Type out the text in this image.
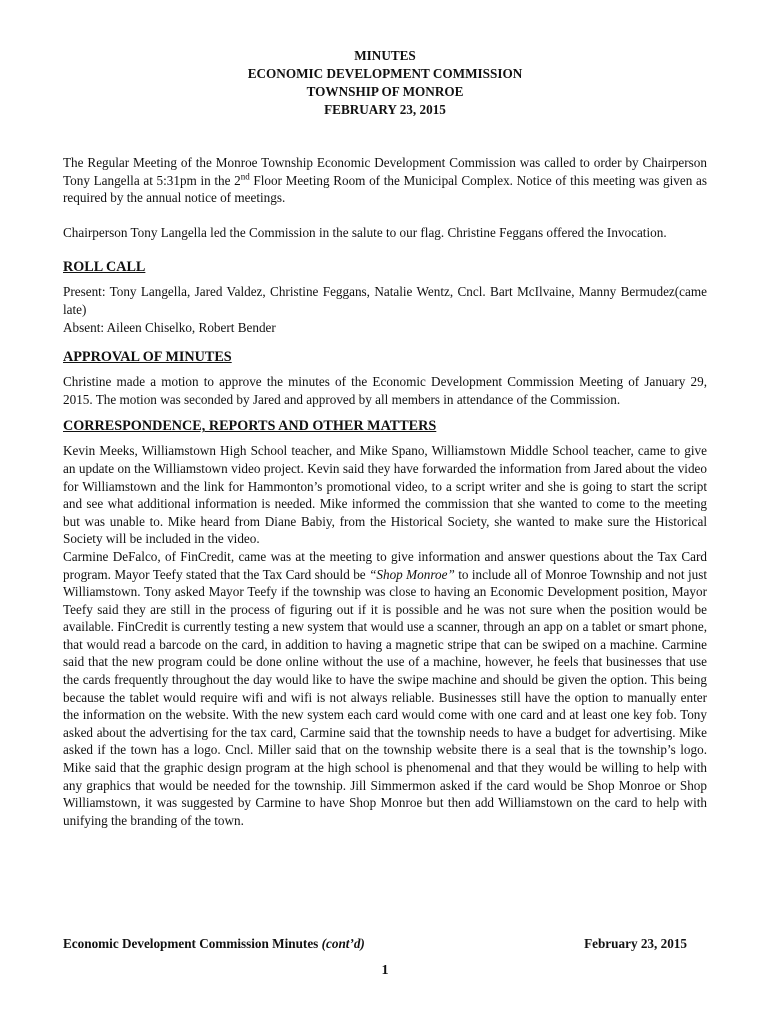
MINUTES
ECONOMIC DEVELOPMENT COMMISSION
TOWNSHIP OF MONROE
FEBRUARY 23, 2015

The Regular Meeting of the Monroe Township Economic Development Commission was called to order by Chairperson Tony Langella at 5:31pm in the 2nd Floor Meeting Room of the Municipal Complex. Notice of this meeting was given as required by the annual notice of meetings.

Chairperson Tony Langella led the Commission in the salute to our flag. Christine Feggans offered the Invocation.

ROLL CALL

Present: Tony Langella, Jared Valdez, Christine Feggans, Natalie Wentz, Cncl. Bart McIlvaine, Manny Bermudez(came late)

Absent: Aileen Chiselko, Robert Bender

APPROVAL OF MINUTES

Christine made a motion to approve the minutes of the Economic Development Commission Meeting of January 29, 2015. The motion was seconded by Jared and approved by all members in attendance of the Commission.

CORRESPONDENCE, REPORTS AND OTHER MATTERS

Kevin Meeks, Williamstown High School teacher, and Mike Spano, Williamstown Middle School teacher, came to give an update on the Williamstown video project. Kevin said they have forwarded the information from Jared about the video for Williamstown and the link for Hammonton’s promotional video, to a script writer and she is going to start the script and see what additional information is needed. Mike informed the commission that she wanted to come to the meeting but was unable to. Mike heard from Diane Babiy, from the Historical Society, she wanted to make sure the Historical Society will be included in the video.

Carmine DeFalco, of FinCredit, came was at the meeting to give information and answer questions about the Tax Card program. Mayor Teefy stated that the Tax Card should be “Shop Monroe” to include all of Monroe Township and not just Williamstown. Tony asked Mayor Teefy if the township was close to having an Economic Development position, Mayor Teefy said they are still in the process of figuring out if it is possible and he was not sure when the position would be available. FinCredit is currently testing a new system that would use a scanner, through an app on a tablet or smart phone, that would read a barcode on the card, in addition to having a magnetic stripe that can be swiped on a machine. Carmine said that the new program could be done online without the use of a machine, however, he feels that businesses that use the cards frequently throughout the day would like to have the swipe machine and should be given the option. This being because the tablet would require wifi and wifi is not always reliable. Businesses still have the option to manually enter the information on the website. With the new system each card would come with one card and at least one key fob. Tony asked about the advertising for the tax card, Carmine said that the township needs to have a budget for advertising. Mike asked if the town has a logo. Cncl. Miller said that on the township website there is a seal that is the township’s logo. Mike said that the graphic design program at the high school is phenomenal and that they would be willing to help with any graphics that would be needed for the township. Jill Simmermon asked if the card would be Shop Monroe or Shop Williamstown, it was suggested by Carmine to have Shop Monroe but then add Williamstown on the card to help with unifying the branding of the town.

Economic Development Commission Minutes (cont’d)	February 23, 2015
1
